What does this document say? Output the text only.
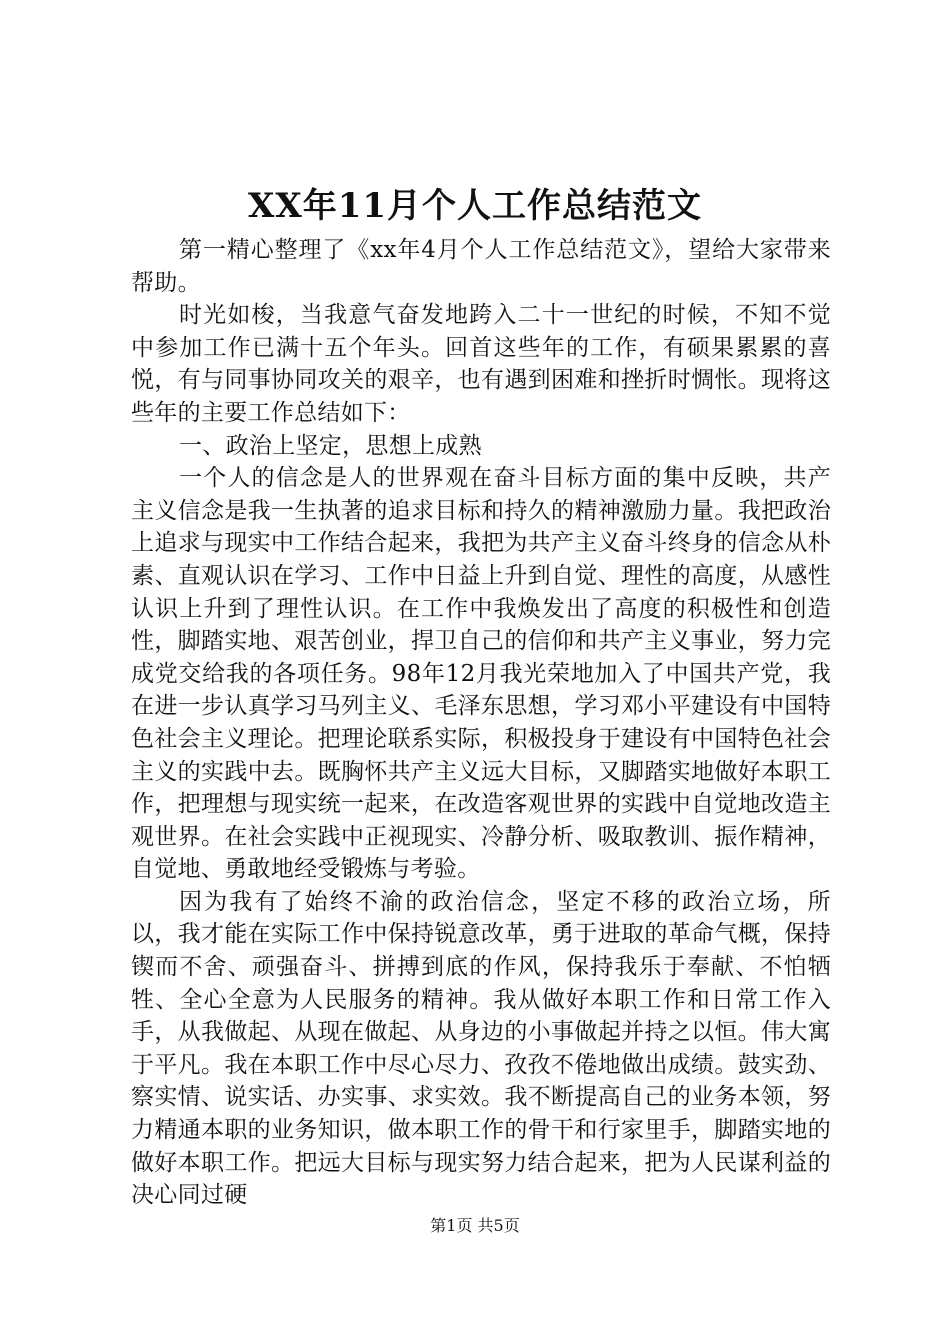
XX年11月个人工作总结范文

第一精心整理了《xx年4月个人工作总结范文》，望给大家带来帮助。

时光如梭，当我意气奋发地跨入二十一世纪的时候，不知不觉中参加工作已满十五个年头。回首这些年的工作，有硕果累累的喜悦，有与同事协同攻关的艰辛，也有遇到困难和挫折时惆怅。现将这些年的主要工作总结如下：

一、政治上坚定，思想上成熟

一个人的信念是人的世界观在奋斗目标方面的集中反映，共产主义信念是我一生执著的追求目标和持久的精神激励力量。我把政治上追求与现实中工作结合起来，我把为共产主义奋斗终身的信念从朴素、直观认识在学习、工作中日益上升到自觉、理性的高度，从感性认识上升到了理性认识。在工作中我焕发出了高度的积极性和创造性，脚踏实地、艰苦创业，捍卫自己的信仰和共产主义事业，努力完成党交给我的各项任务。98年12月我光荣地加入了中国共产党，我在进一步认真学习马列主义、毛泽东思想，学习邓小平建设有中国特色社会主义理论。把理论联系实际，积极投身于建设有中国特色社会主义的实践中去。既胸怀共产主义远大目标，又脚踏实地做好本职工作，把理想与现实统一起来，在改造客观世界的实践中自觉地改造主观世界。在社会实践中正视现实、冷静分析、吸取教训、振作精神，自觉地、勇敢地经受锻炼与考验。

因为我有了始终不渝的政治信念，坚定不移的政治立场，所以，我才能在实际工作中保持锐意改革，勇于进取的革命气概，保持锲而不舍、顽强奋斗、拼搏到底的作风，保持我乐于奉献、不怕牺牲、全心全意为人民服务的精神。我从做好本职工作和日常工作入手，从我做起、从现在做起、从身边的小事做起并持之以恒。伟大寓于平凡。我在本职工作中尽心尽力、孜孜不倦地做出成绩。鼓实劲、察实情、说实话、办实事、求实效。我不断提高自己的业务本领，努力精通本职的业务知识，做本职工作的骨干和行家里手，脚踏实地的做好本职工作。把远大目标与现实努力结合起来，把为人民谋利益的决心同过硬

第1页 共5页
